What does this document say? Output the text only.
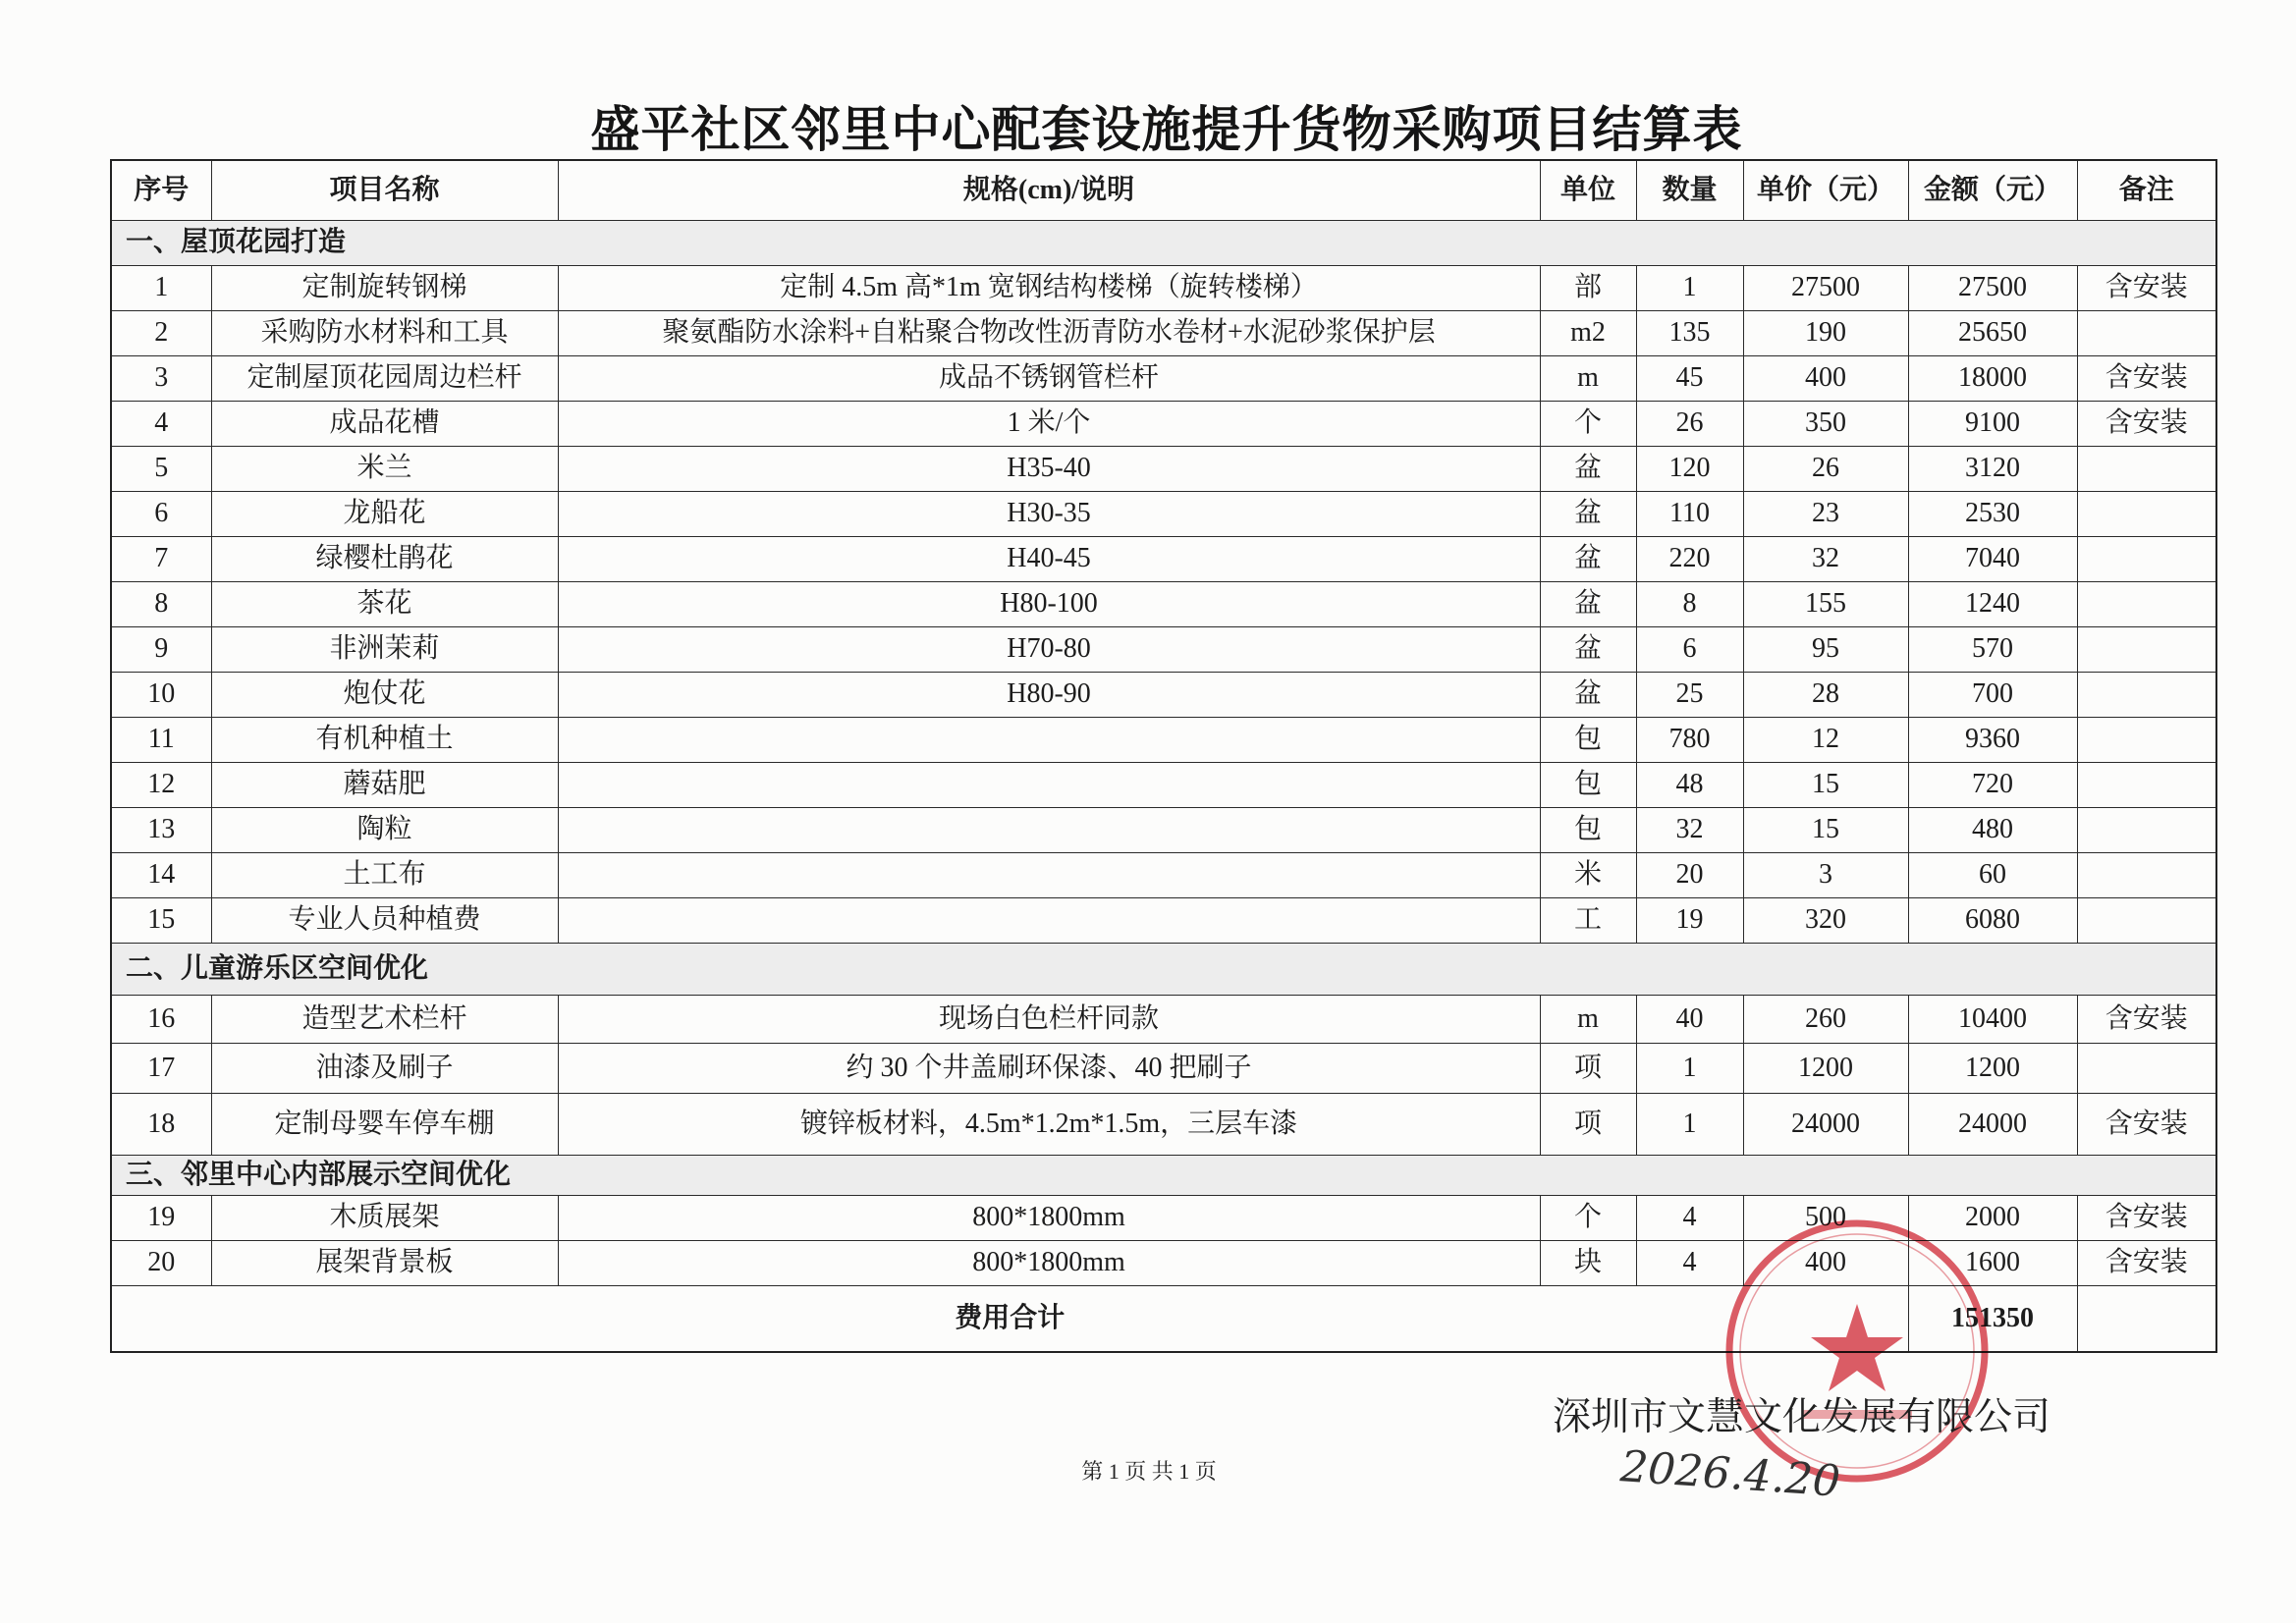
盛平社区邻里中心配套设施提升货物采购项目结算表
序号	项目名称	规格(cm)/说明	单位	数量	单价（元）	金额（元）	备注
一、屋顶花园打造							
1	定制旋转钢梯	定制 4.5m 高*1m 宽钢结构楼梯（旋转楼梯）	部	1	27500	27500	含安装
2	采购防水材料和工具	聚氨酯防水涂料+自粘聚合物改性沥青防水卷材+水泥砂浆保护层	m2	135	190	25650	
3	定制屋顶花园周边栏杆	成品不锈钢管栏杆	m	45	400	18000	含安装
4	成品花槽	1 米/个	个	26	350	9100	含安装
5	米兰	H35-40	盆	120	26	3120	
6	龙船花	H30-35	盆	110	23	2530	
7	绿樱杜鹃花	H40-45	盆	220	32	7040	
8	茶花	H80-100	盆	8	155	1240	
9	非洲茉莉	H70-80	盆	6	95	570	
10	炮仗花	H80-90	盆	25	28	700	
11	有机种植土		包	780	12	9360	
12	蘑菇肥		包	48	15	720	
13	陶粒		包	32	15	480	
14	土工布		米	20	3	60	
15	专业人员种植费		工	19	320	6080	
二、儿童游乐区空间优化							
16	造型艺术栏杆	现场白色栏杆同款	m	40	260	10400	含安装
17	油漆及刷子	约 30 个井盖刷环保漆、40 把刷子	项	1	1200	1200	
18	定制母婴车停车棚	镀锌板材料，4.5m*1.2m*1.5m，三层车漆	项	1	24000	24000	含安装
三、邻里中心内部展示空间优化							
19	木质展架	800*1800mm	个	4	500	2000	含安装
20	展架背景板	800*1800mm	块	4	400	1600	含安装
费用合计						151350	
深圳市文慧文化发展有限公司
2026.4.20
第 1 页 共 1 页
